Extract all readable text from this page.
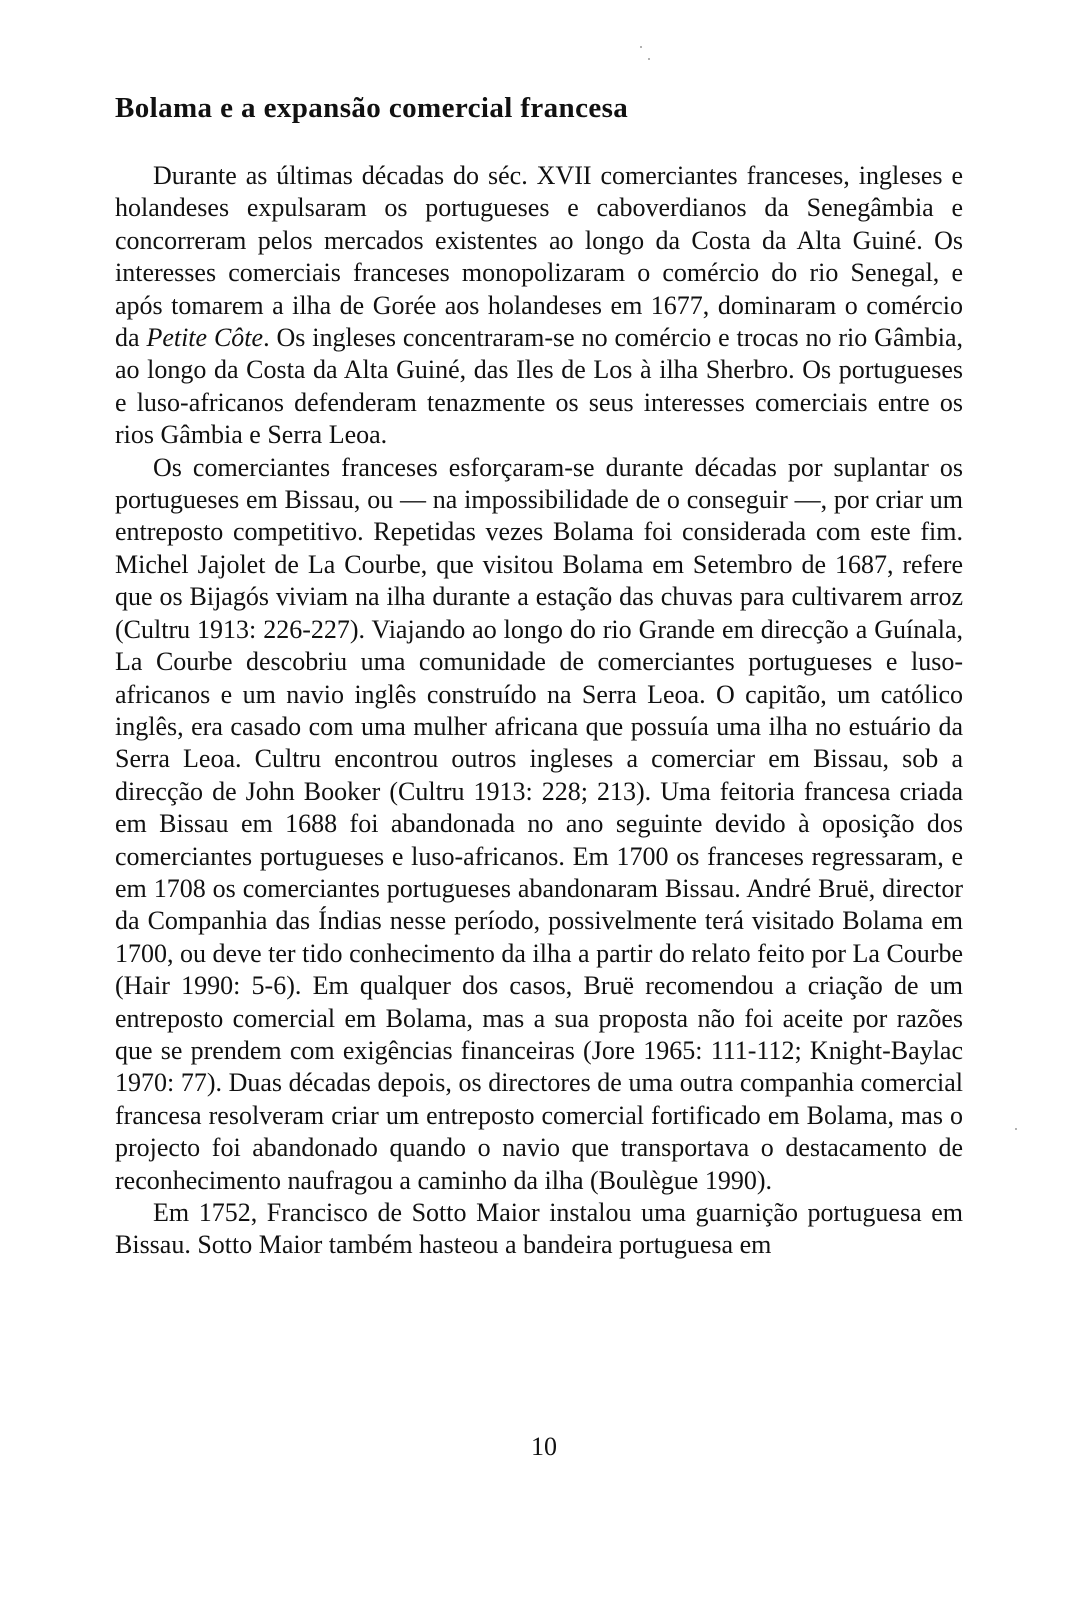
Bolama e a expansão comercial francesa

Durante as últimas décadas do séc. XVII comerciantes franceses, ingleses e holandeses expulsaram os portugueses e caboverdianos da Senegâmbia e concorreram pelos mercados existentes ao longo da Costa da Alta Guiné. Os interesses comerciais franceses monopolizaram o comércio do rio Senegal, e após tomarem a ilha de Gorée aos holandeses em 1677, dominaram o comércio da Petite Côte. Os ingleses concentraram-se no comércio e trocas no rio Gâmbia, ao longo da Costa da Alta Guiné, das Iles de Los à ilha Sherbro. Os portugueses e luso-africanos defenderam tenazmente os seus interesses comerciais entre os rios Gâmbia e Serra Leoa.

Os comerciantes franceses esforçaram-se durante décadas por suplantar os portugueses em Bissau, ou — na impossibilidade de o conseguir —, por criar um entreposto competitivo. Repetidas vezes Bolama foi considerada com este fim. Michel Jajolet de La Courbe, que visitou Bolama em Setembro de 1687, refere que os Bijagós viviam na ilha durante a estação das chuvas para cultivarem arroz (Cultru 1913: 226-227). Viajando ao longo do rio Grande em direcção a Guínala, La Courbe descobriu uma comunidade de comerciantes portugueses e luso-africanos e um navio inglês construído na Serra Leoa. O capitão, um católico inglês, era casado com uma mulher africana que possuía uma ilha no estuário da Serra Leoa. Cultru encontrou outros ingleses a comerciar em Bissau, sob a direcção de John Booker (Cultru 1913: 228; 213). Uma feitoria francesa criada em Bissau em 1688 foi abandonada no ano seguinte devido à oposição dos comerciantes portugueses e luso-africanos. Em 1700 os franceses regressaram, e em 1708 os comerciantes portugueses abandonaram Bissau. André Bruë, director da Companhia das Índias nesse período, possivelmente terá visitado Bolama em 1700, ou deve ter tido conhecimento da ilha a partir do relato feito por La Courbe (Hair 1990: 5-6). Em qualquer dos casos, Bruë recomendou a criação de um entreposto comercial em Bolama, mas a sua proposta não foi aceite por razões que se prendem com exigências financeiras (Jore 1965: 111-112; Knight-Baylac 1970: 77). Duas décadas depois, os directores de uma outra companhia comercial francesa resolveram criar um entreposto comercial fortificado em Bolama, mas o projecto foi abandonado quando o navio que transportava o destacamento de reconhecimento naufragou a caminho da ilha (Boulègue 1990).

Em 1752, Francisco de Sotto Maior instalou uma guarnição portuguesa em Bissau. Sotto Maior também hasteou a bandeira portuguesa em

10
